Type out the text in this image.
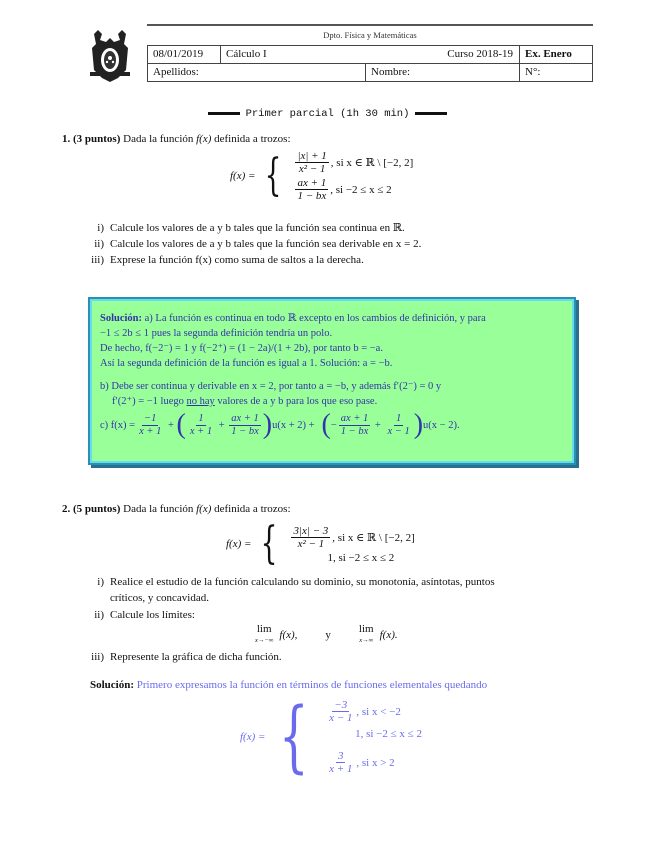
Dpto. Física y Matemáticas
08/01/2019	Cálculo I Curso 2018-19		Ex. Enero
Apellidos:		Nombre:	N°:
Primer parcial (1h 30 min)
1. (3 puntos) Dada la función f(x) definida a trozos:
f(x) = { $\frac{|x| + 1}{\text{x² − 1}}$ , si x ∈ ℝ \ [−2, 2]
$\frac{ax + 1}{1 - bx}$ , si −2 ≤ x ≤ 2
i) Calcule los valores de a y b tales que la función sea continua en ℝ.
ii) Calcule los valores de a y b tales que la función sea derivable en x = 2.
iii) Exprese la función f(x) como suma de saltos a la derecha.
Solución: a) La función es continua en todo ℝ excepto en los cambios de definición, y para
−1 ≤ 2b ≤ 1 pues la segunda definición tendría un polo.
De hecho, f(−2⁻) = 1 y f(−2⁺) = (1 − 2a)/(1 + 2b), por tanto b = −a.
Así la segunda definición de la función es igual a 1. Solución: a = −b.
b) Debe ser continua y derivable en x = 2, por tanto a = −b, y además f′(2⁻) = 0 y
f′(2⁺) = −1 luego no hay valores de a y b para los que eso pase.
c) $f(x) = \frac{-1}{x + 1}$ + ( $\frac{1}{x + 1} + \frac{ax + 1}{1 - bx}$ ) u(x + 2) + ( − $\frac{ax + 1}{1 - bx} + \frac{1}{x - 1}$ ) u(x − 2).
2. (5 puntos) Dada la función f(x) definida a trozos:
f(x) = { $\frac{3|x| - 3}{\text{x² − 1}}$ , si x ∈ ℝ \ [−2, 2]
1, si −2 ≤ x ≤ 2
i) Realice el estudio de la función calculando su dominio, su monotonía, asíntotas, puntos
críticos, y concavidad.
ii) Calcule los límites:
lim
x→−∞ f(x),	y	lim
x→∞ f(x).
iii) Represente la gráfica de dicha función.
Solución: Primero expresamos la función en términos de funciones elementales quedando
f(x) = { $\frac{-3}{x - 1}$ , si x < −2
1, si −2 ≤ x ≤ 2
$\frac{3}{x + 1}$ , si x > 2
